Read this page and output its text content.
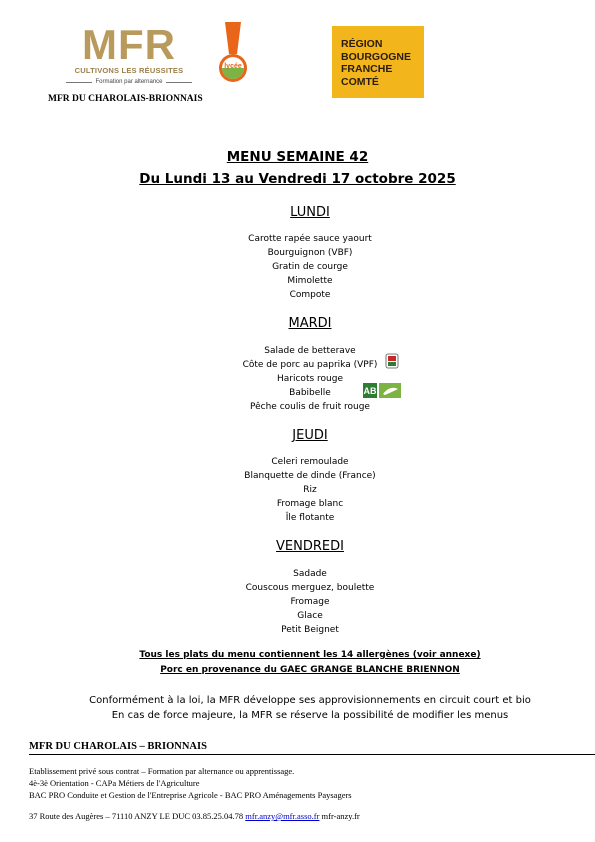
MFR
CULTIVONS LES RÉUSSITES
Formation par alternance
MFR DU CHAROLAIS-BRIONNAIS
lycée
RÉGION
BOURGOGNE
FRANCHE
COMTÉ
MENU SEMAINE 42
Du Lundi 13 au Vendredi 17 octobre 2025
LUNDI
Carotte rapée sauce yaourt
Bourguignon (VBF)
Gratin de courge
Mimolette
Compote
MARDI
Salade de betterave
Côte de porc au paprika (VPF)
Haricots rouge
Babibelle
Pêche coulis de fruit rouge
AB
JEUDI
Celeri remoulade
Blanquette de dinde (France)
Riz
Fromage blanc
Île flotante
VENDREDI
Sadade
Couscous merguez, boulette
Fromage
Glace
Petit Beignet
Tous les plats du menu contiennent les 14 allergènes (voir annexe)
Porc en provenance du GAEC GRANGE BLANCHE BRIENNON
Conformément à la loi, la MFR développe ses approvisionnements en circuit court et bio
En cas de force majeure, la MFR se réserve la possibilité de modifier les menus
MFR DU CHAROLAIS – BRIONNAIS
Etablissement privé sous contrat – Formation par alternance ou apprentissage.
4è-3è Orientation - CAPa Métiers de l'Agriculture
BAC PRO Conduite et Gestion de l'Entreprise Agricole - BAC PRO Aménagements Paysagers
37 Route des Augères – 71110 ANZY LE DUC 03.85.25.04.78 mfr.anzy@mfr.asso.fr mfr-anzy.fr
